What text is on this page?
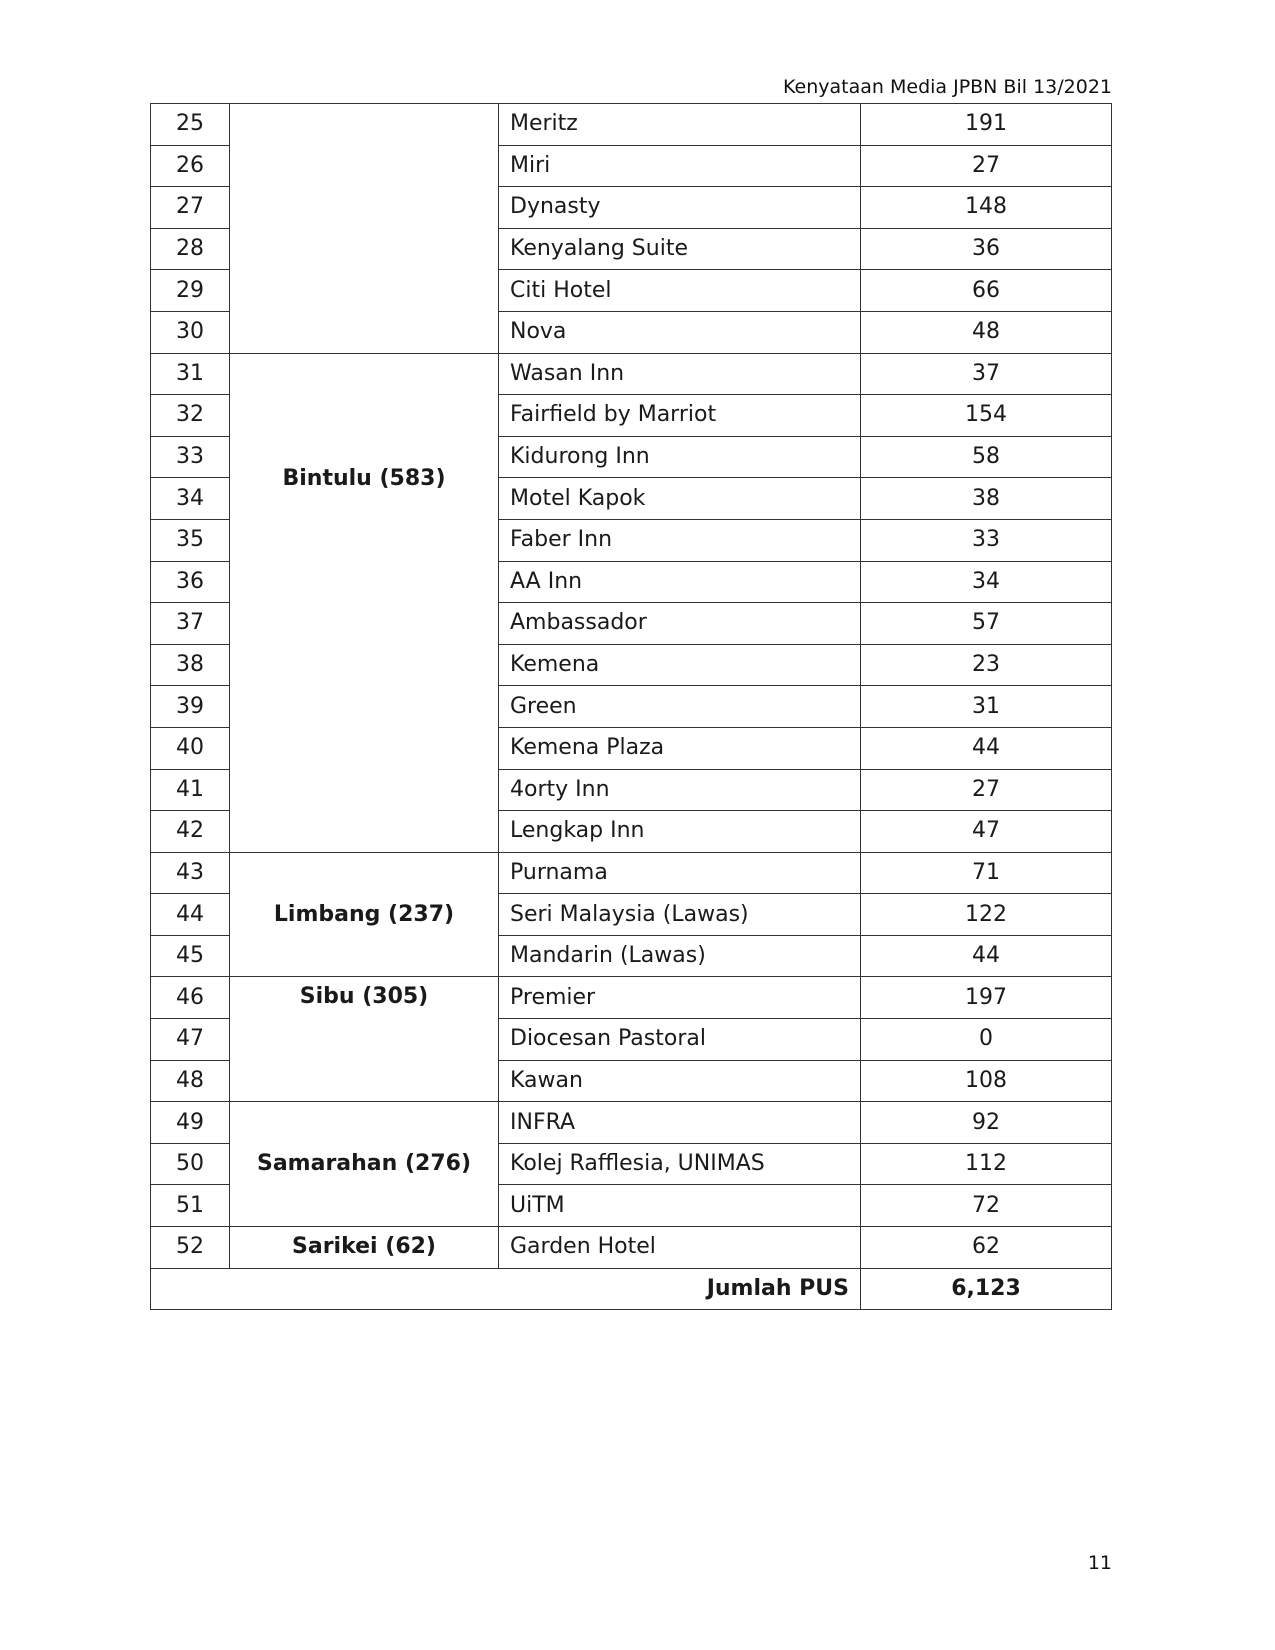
Kenyataan Media JPBN Bil 13/2021
25		Meritz	191
26		Miri	27
27		Dynasty	148
28		Kenyalang Suite	36
29		Citi Hotel	66
30		Nova	48
31	Bintulu (583)	Wasan Inn	37
32		Fairfield by Marriot	154
33		Kidurong Inn	58
34		Motel Kapok	38
35		Faber Inn	33
36		AA Inn	34
37		Ambassador	57
38		Kemena	23
39		Green	31
40		Kemena Plaza	44
41		4orty Inn	27
42		Lengkap Inn	47
43	Limbang (237)	Purnama	71
44		Seri Malaysia (Lawas)	122
45		Mandarin (Lawas)	44
46	Sibu (305)	Premier	197
47		Diocesan Pastoral	0
48		Kawan	108
49	Samarahan (276)	INFRA	92
50		Kolej Rafflesia, UNIMAS	112
51		UiTM	72
52	Sarikei (62)	Garden Hotel	62
Jumlah PUS			6,123
11
